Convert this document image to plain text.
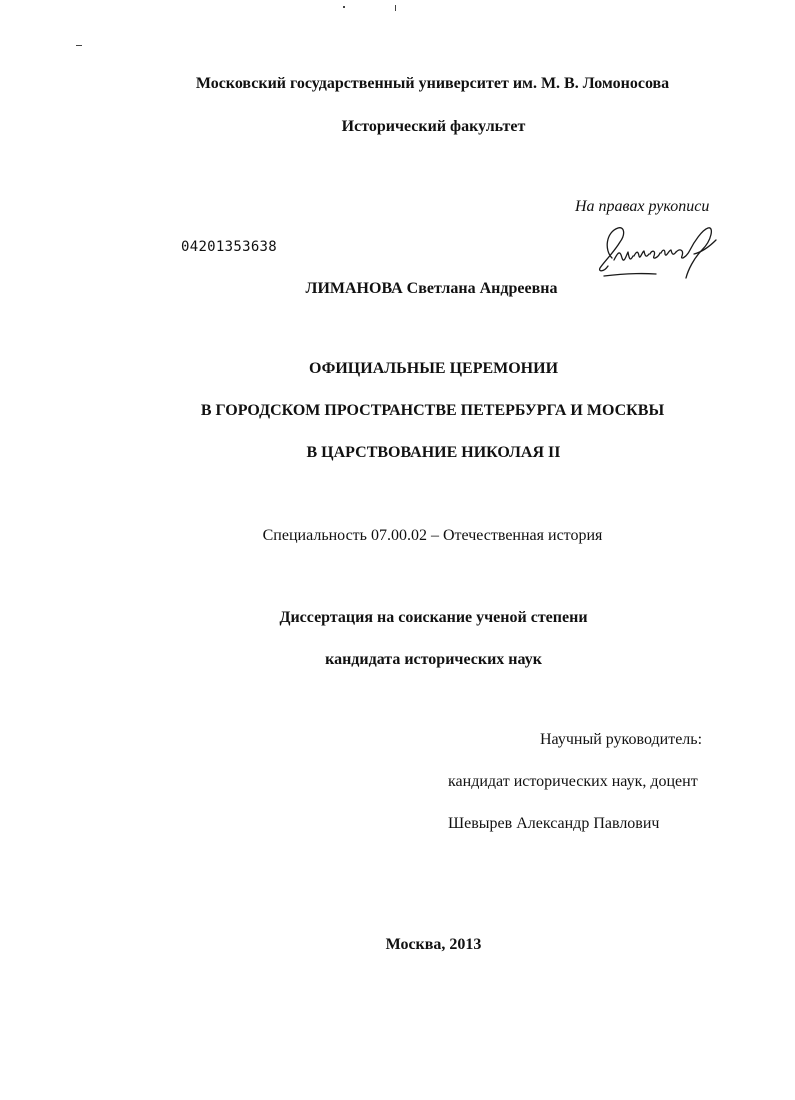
Московский государственный университет им. М. В. Ломоносова
Исторический факультет
На правах рукописи
04201353638
ЛИМАНОВА Светлана Андреевна
ОФИЦИАЛЬНЫЕ ЦЕРЕМОНИИ
В ГОРОДСКОМ ПРОСТРАНСТВЕ ПЕТЕРБУРГА И МОСКВЫ
В ЦАРСТВОВАНИЕ НИКОЛАЯ II
Специальность 07.00.02 – Отечественная история
Диссертация на соискание ученой степени
кандидата исторических наук
Научный руководитель:
кандидат исторических наук, доцент
Шевырев Александр Павлович
Москва, 2013
